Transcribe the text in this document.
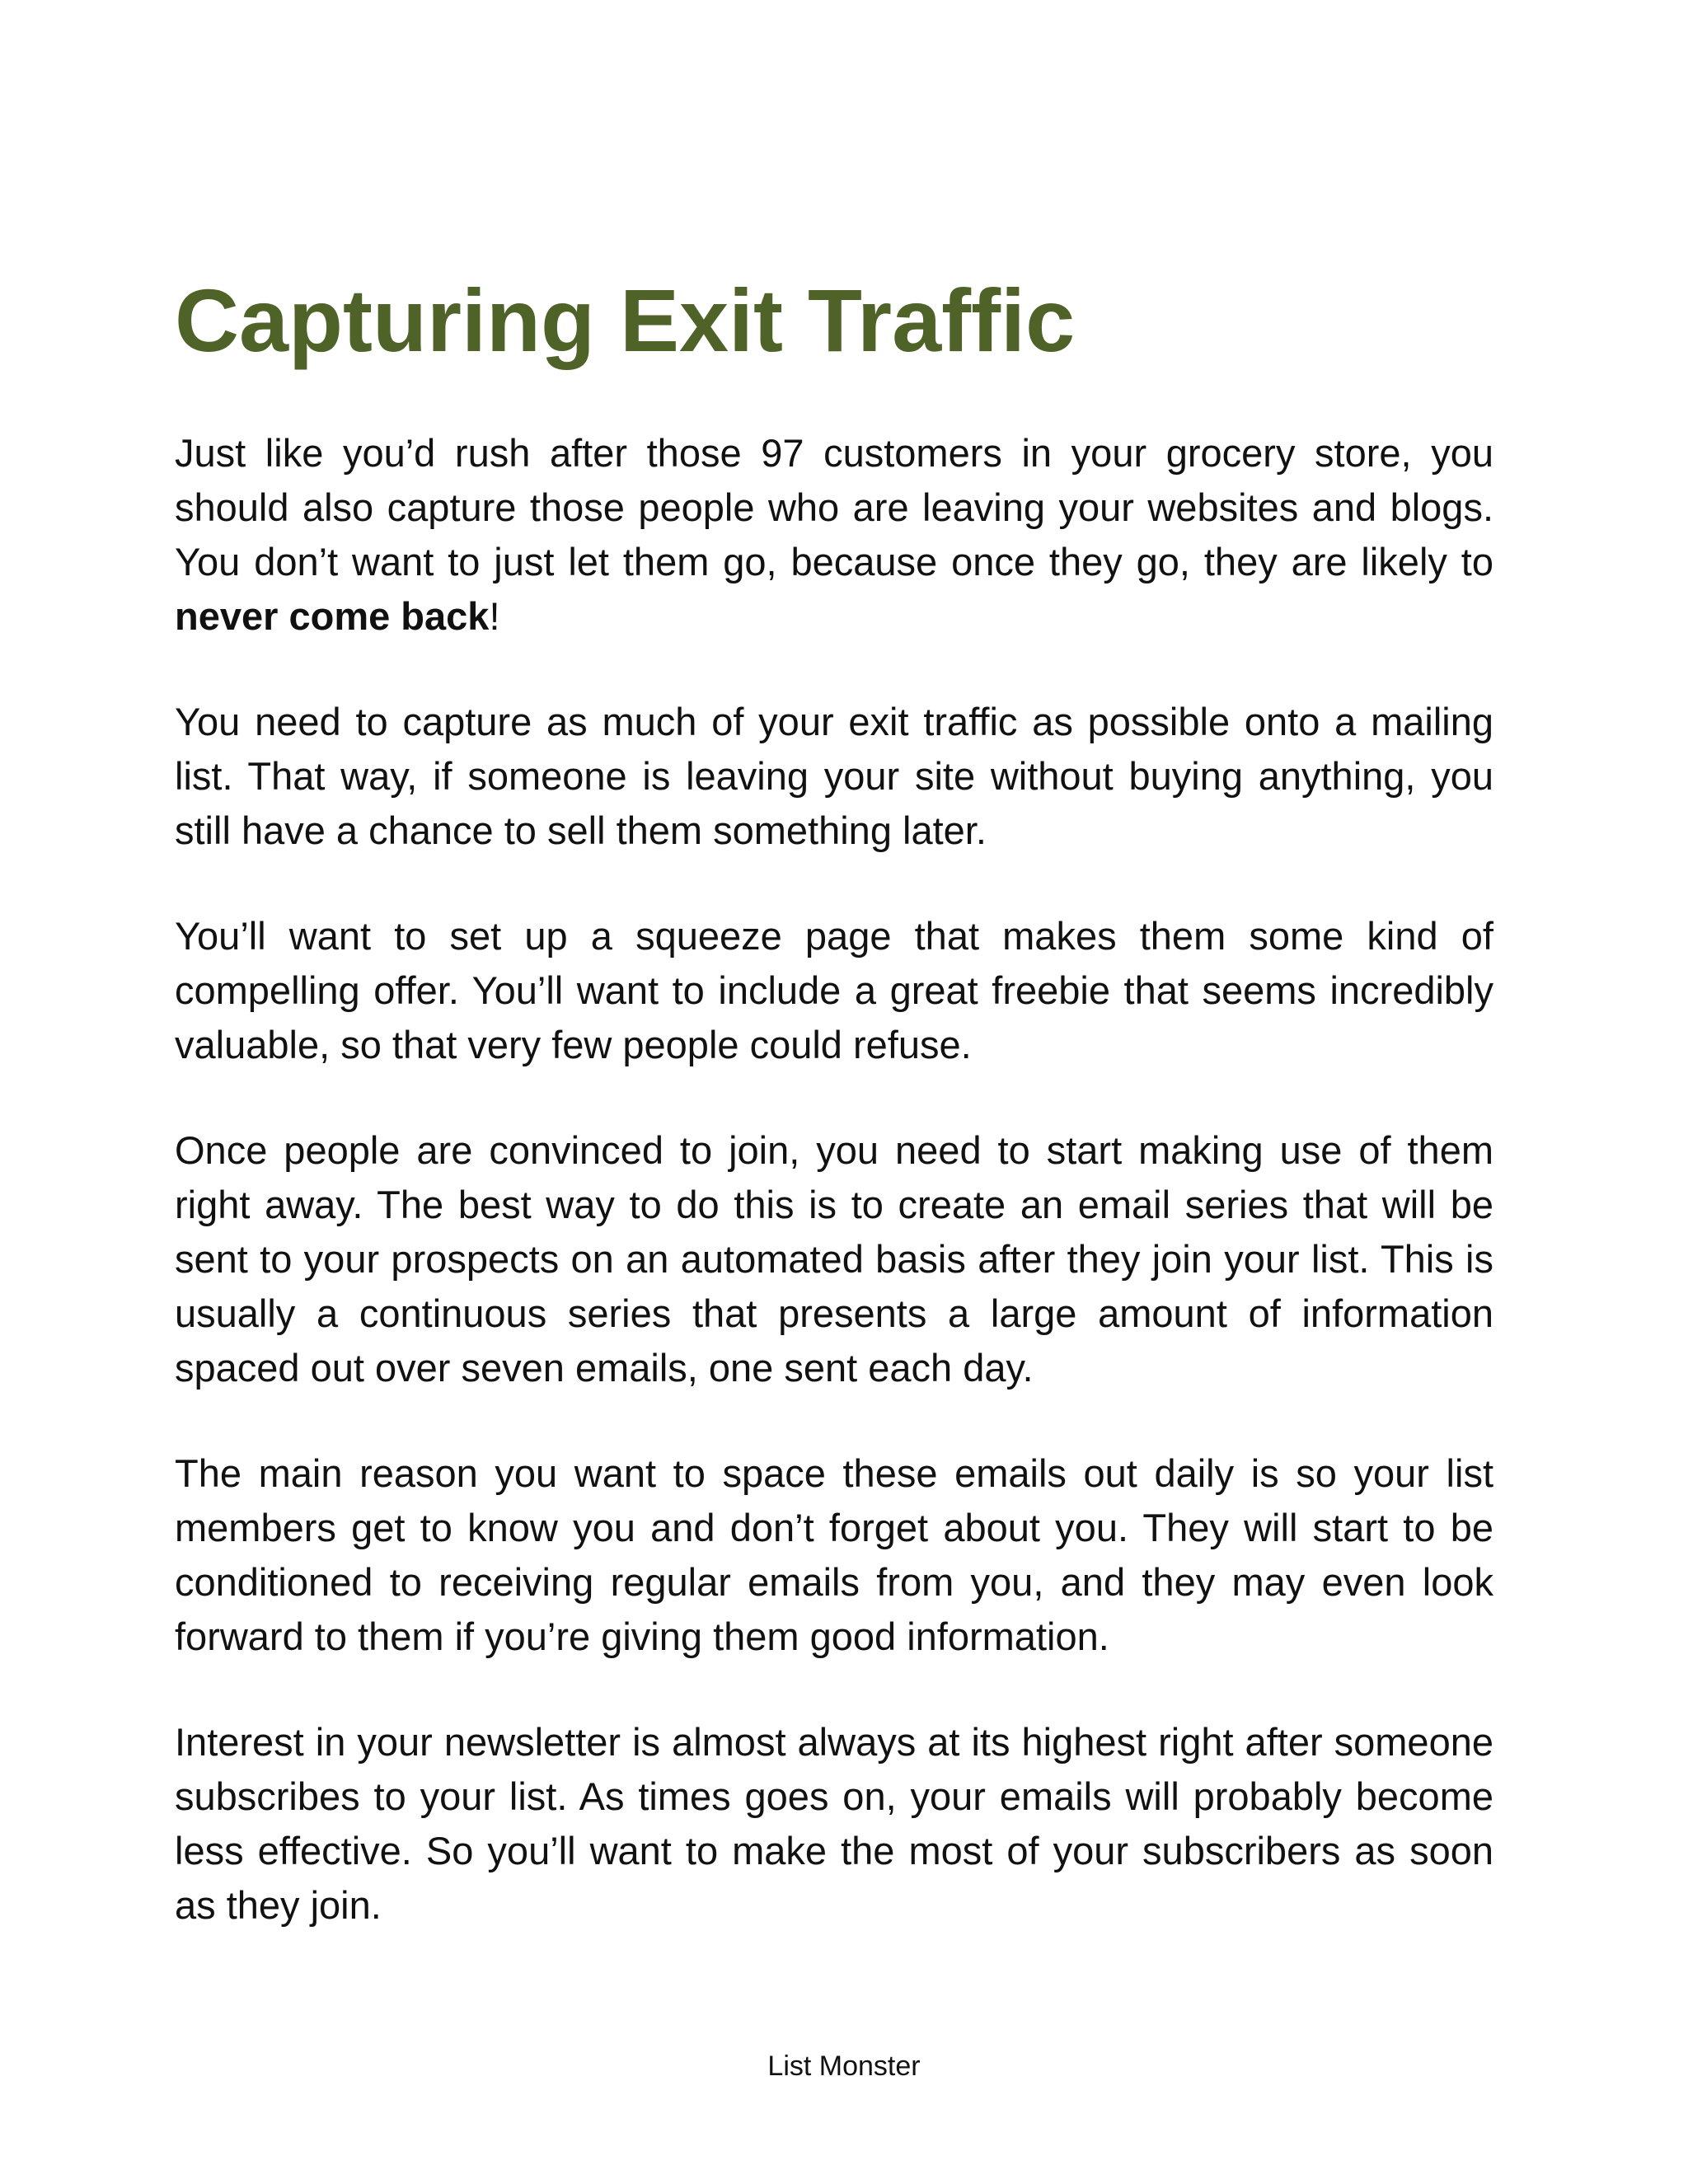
Capturing Exit Traffic

Just like you’d rush after those 97 customers in your grocery store, you should also capture those people who are leaving your websites and blogs. You don’t want to just let them go, because once they go, they are likely to never come back!

You need to capture as much of your exit traffic as possible onto a mailing list. That way, if someone is leaving your site without buying anything, you still have a chance to sell them something later.

You’ll want to set up a squeeze page that makes them some kind of compelling offer. You’ll want to include a great freebie that seems incredibly valuable, so that very few people could refuse.

Once people are convinced to join, you need to start making use of them right away. The best way to do this is to create an email series that will be sent to your prospects on an automated basis after they join your list. This is usually a continuous series that presents a large amount of information spaced out over seven emails, one sent each day.

The main reason you want to space these emails out daily is so your list members get to know you and don’t forget about you. They will start to be conditioned to receiving regular emails from you, and they may even look forward to them if you’re giving them good information.

Interest in your newsletter is almost always at its highest right after someone subscribes to your list. As times goes on, your emails will probably become less effective. So you’ll want to make the most of your subscribers as soon as they join.

List Monster
